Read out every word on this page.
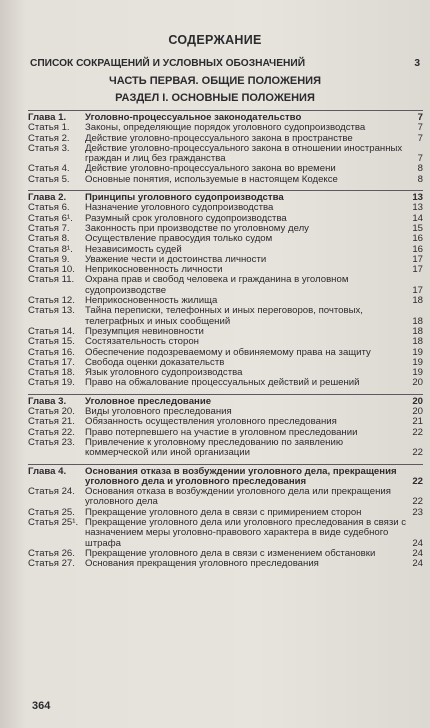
СОДЕРЖАНИЕ
СПИСОК СОКРАЩЕНИЙ И УСЛОВНЫХ ОБОЗНАЧЕНИЙ	3
ЧАСТЬ ПЕРВАЯ. ОБЩИЕ ПОЛОЖЕНИЯ
РАЗДЕЛ I. ОСНОВНЫЕ ПОЛОЖЕНИЯ
Глава 1.	Уголовно-процессуальное законодательство	7
Статья 1.	Законы, определяющие порядок уголовного судопроизводства	7
Статья 2.	Действие уголовно-процессуального закона в пространстве	7
Статья 3.	Действие уголовно-процессуального закона в отношении иностранных граждан и лиц без гражданства	7
Статья 4.	Действие уголовно-процессуального закона во времени	8
Статья 5.	Основные понятия, используемые в настоящем Кодексе	8
Глава 2.	Принципы уголовного судопроизводства	13
Статья 6.	Назначение уголовного судопроизводства	13
Статья 6¹.	Разумный срок уголовного судопроизводства	14
Статья 7.	Законность при производстве по уголовному делу	15
Статья 8.	Осуществление правосудия только судом	16
Статья 8¹.	Независимость судей	16
Статья 9.	Уважение чести и достоинства личности	17
Статья 10.	Неприкосновенность личности	17
Статья 11.	Охрана прав и свобод человека и гражданина в уголовном судопроизводстве	17
Статья 12.	Неприкосновенность жилища	18
Статья 13.	Тайна переписки, телефонных и иных переговоров, почтовых, телеграфных и иных сообщений	18
Статья 14.	Презумпция невиновности	18
Статья 15.	Состязательность сторон	18
Статья 16.	Обеспечение подозреваемому и обвиняемому права на защиту	19
Статья 17.	Свобода оценки доказательств	19
Статья 18.	Язык уголовного судопроизводства	19
Статья 19.	Право на обжалование процессуальных действий и решений	20
Глава 3.	Уголовное преследование	20
Статья 20.	Виды уголовного преследования	20
Статья 21.	Обязанность осуществления уголовного преследования	21
Статья 22.	Право потерпевшего на участие в уголовном преследовании	22
Статья 23.	Привлечение к уголовному преследованию по заявлению коммерческой или иной организации	22
Глава 4.	Основания отказа в возбуждении уголовного дела, прекращения уголовного дела и уголовного преследования	22
Статья 24.	Основания отказа в возбуждении уголовного дела или прекращения уголовного дела	22
Статья 25.	Прекращение уголовного дела в связи с примирением сторон	23
Статья 25¹. Прекращение уголовного дела или уголовного преследования в связи с назначением меры уголовно-правового характера в виде судебного штрафа	24
Статья 26.	Прекращение уголовного дела в связи с изменением обстановки	24
Статья 27.	Основания прекращения уголовного преследования	24
364
